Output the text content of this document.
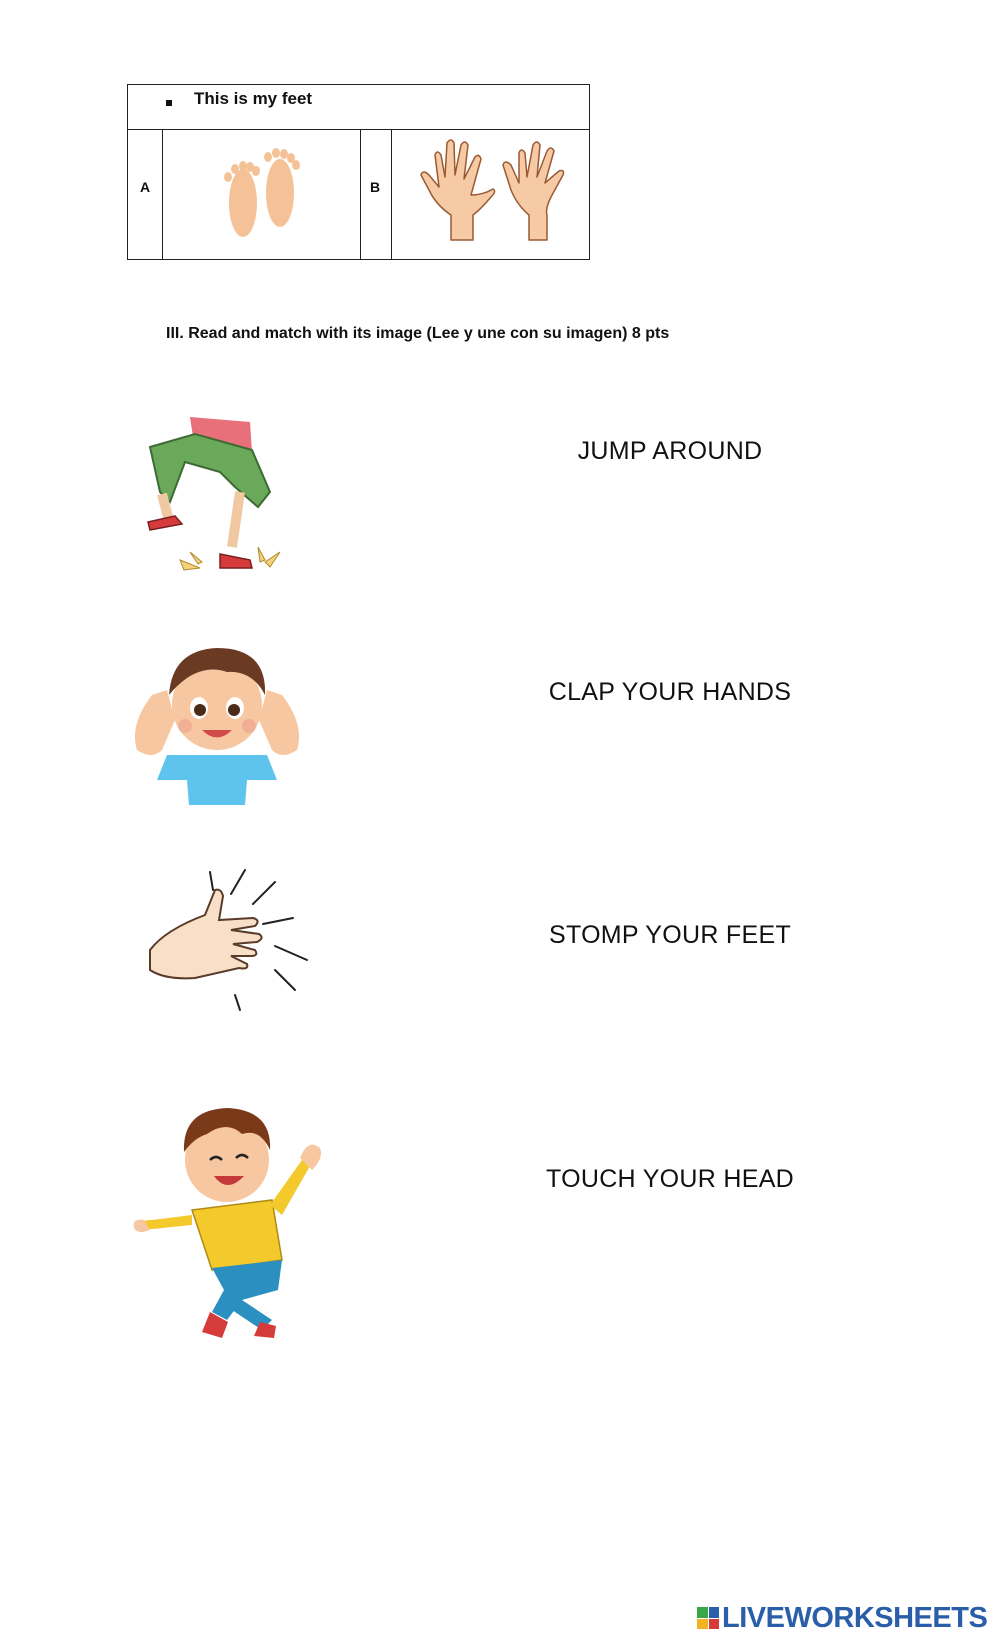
This is my feet
A	B
III. Read and match with its image (Lee y une con su imagen) 8 pts
JUMP AROUND
CLAP YOUR HANDS
STOMP YOUR FEET
TOUCH YOUR HEAD
LIVEWORKSHEETS
